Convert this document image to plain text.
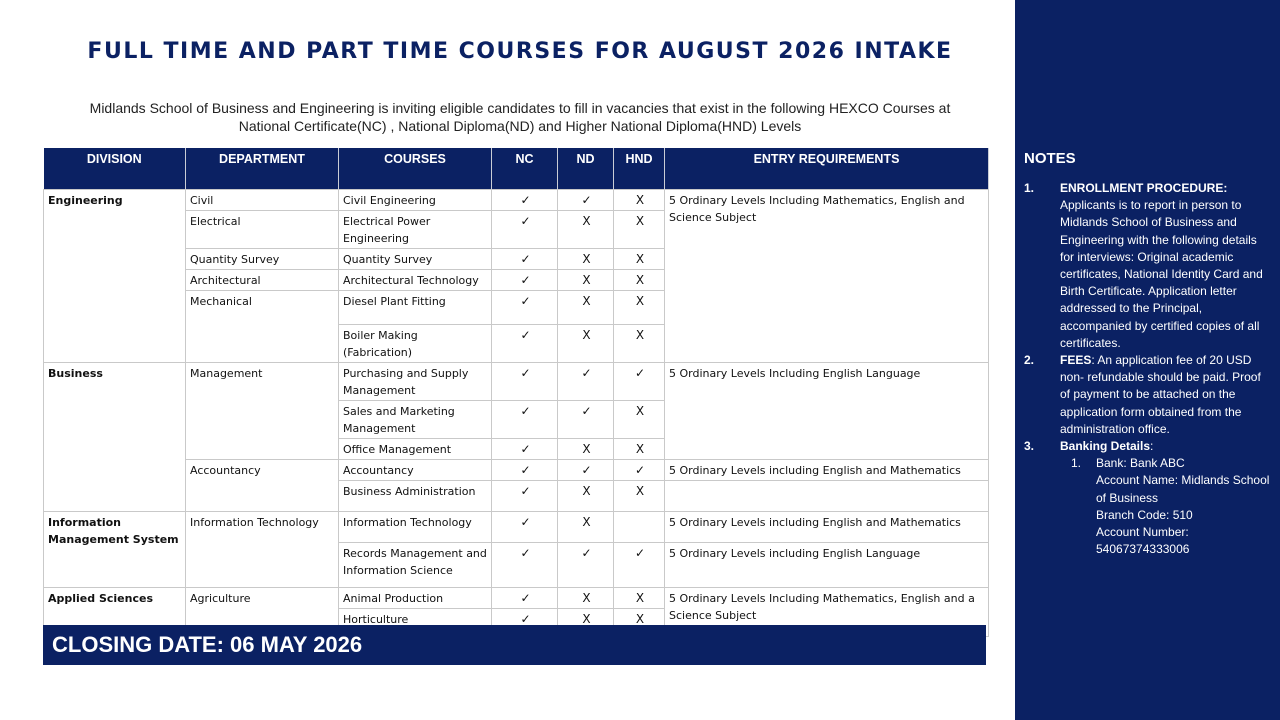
FULL TIME AND PART TIME COURSES FOR AUGUST 2026 INTAKE
Midlands School of Business and Engineering is inviting eligible candidates to fill in vacancies that exist in the following HEXCO Courses at National Certificate(NC) , National Diploma(ND) and Higher National Diploma(HND) Levels
DIVISION	DEPARTMENT	COURSES	NC	ND	HND	ENTRY REQUIREMENTS
Engineering	Civil	Civil Engineering	✓	✓	X	5 Ordinary Levels Including Mathematics, English and Science Subject
	Electrical	Electrical Power Engineering	✓	X	X	
	Quantity Survey	Quantity Survey	✓	X	X	
	Architectural	Architectural Technology	✓	X	X	
	Mechanical	Diesel Plant Fitting	✓	X	X	
		Boiler Making (Fabrication)	✓	X	X	
Business	Management	Purchasing and Supply Management	✓	✓	✓	5 Ordinary Levels Including English Language
		Sales and Marketing Management	✓	✓	X	
		Office Management	✓	X	X	
	Accountancy	Accountancy	✓	✓	✓	5 Ordinary Levels including English and Mathematics
		Business Administration	✓	X	X	
Information Management System	Information Technology	Information Technology	✓	X		5 Ordinary Levels including English and Mathematics
		Records Management and Information Science	✓	✓	✓	5 Ordinary Levels including English Language
Applied Sciences	Agriculture	Animal Production	✓	X	X	5 Ordinary Levels Including Mathematics, English and a Science Subject
		Horticulture	✓	X	X	
CLOSING DATE: 06 MAY 2026
NOTES
1. ENROLLMENT PROCEDURE: Applicants is to report in person to Midlands School of Business and Engineering with the following details for interviews: Original academic certificates, National Identity Card and Birth Certificate. Application letter addressed to the Principal, accompanied by certified copies of all certificates.
2. FEES: An application fee of 20 USD non- refundable should be paid. Proof of payment to be attached on the application form obtained from the administration office.
3. Banking Details:
1. Bank: Bank ABC
Account Name: Midlands School of Business
Branch Code: 510
Account Number: 54067374333006
